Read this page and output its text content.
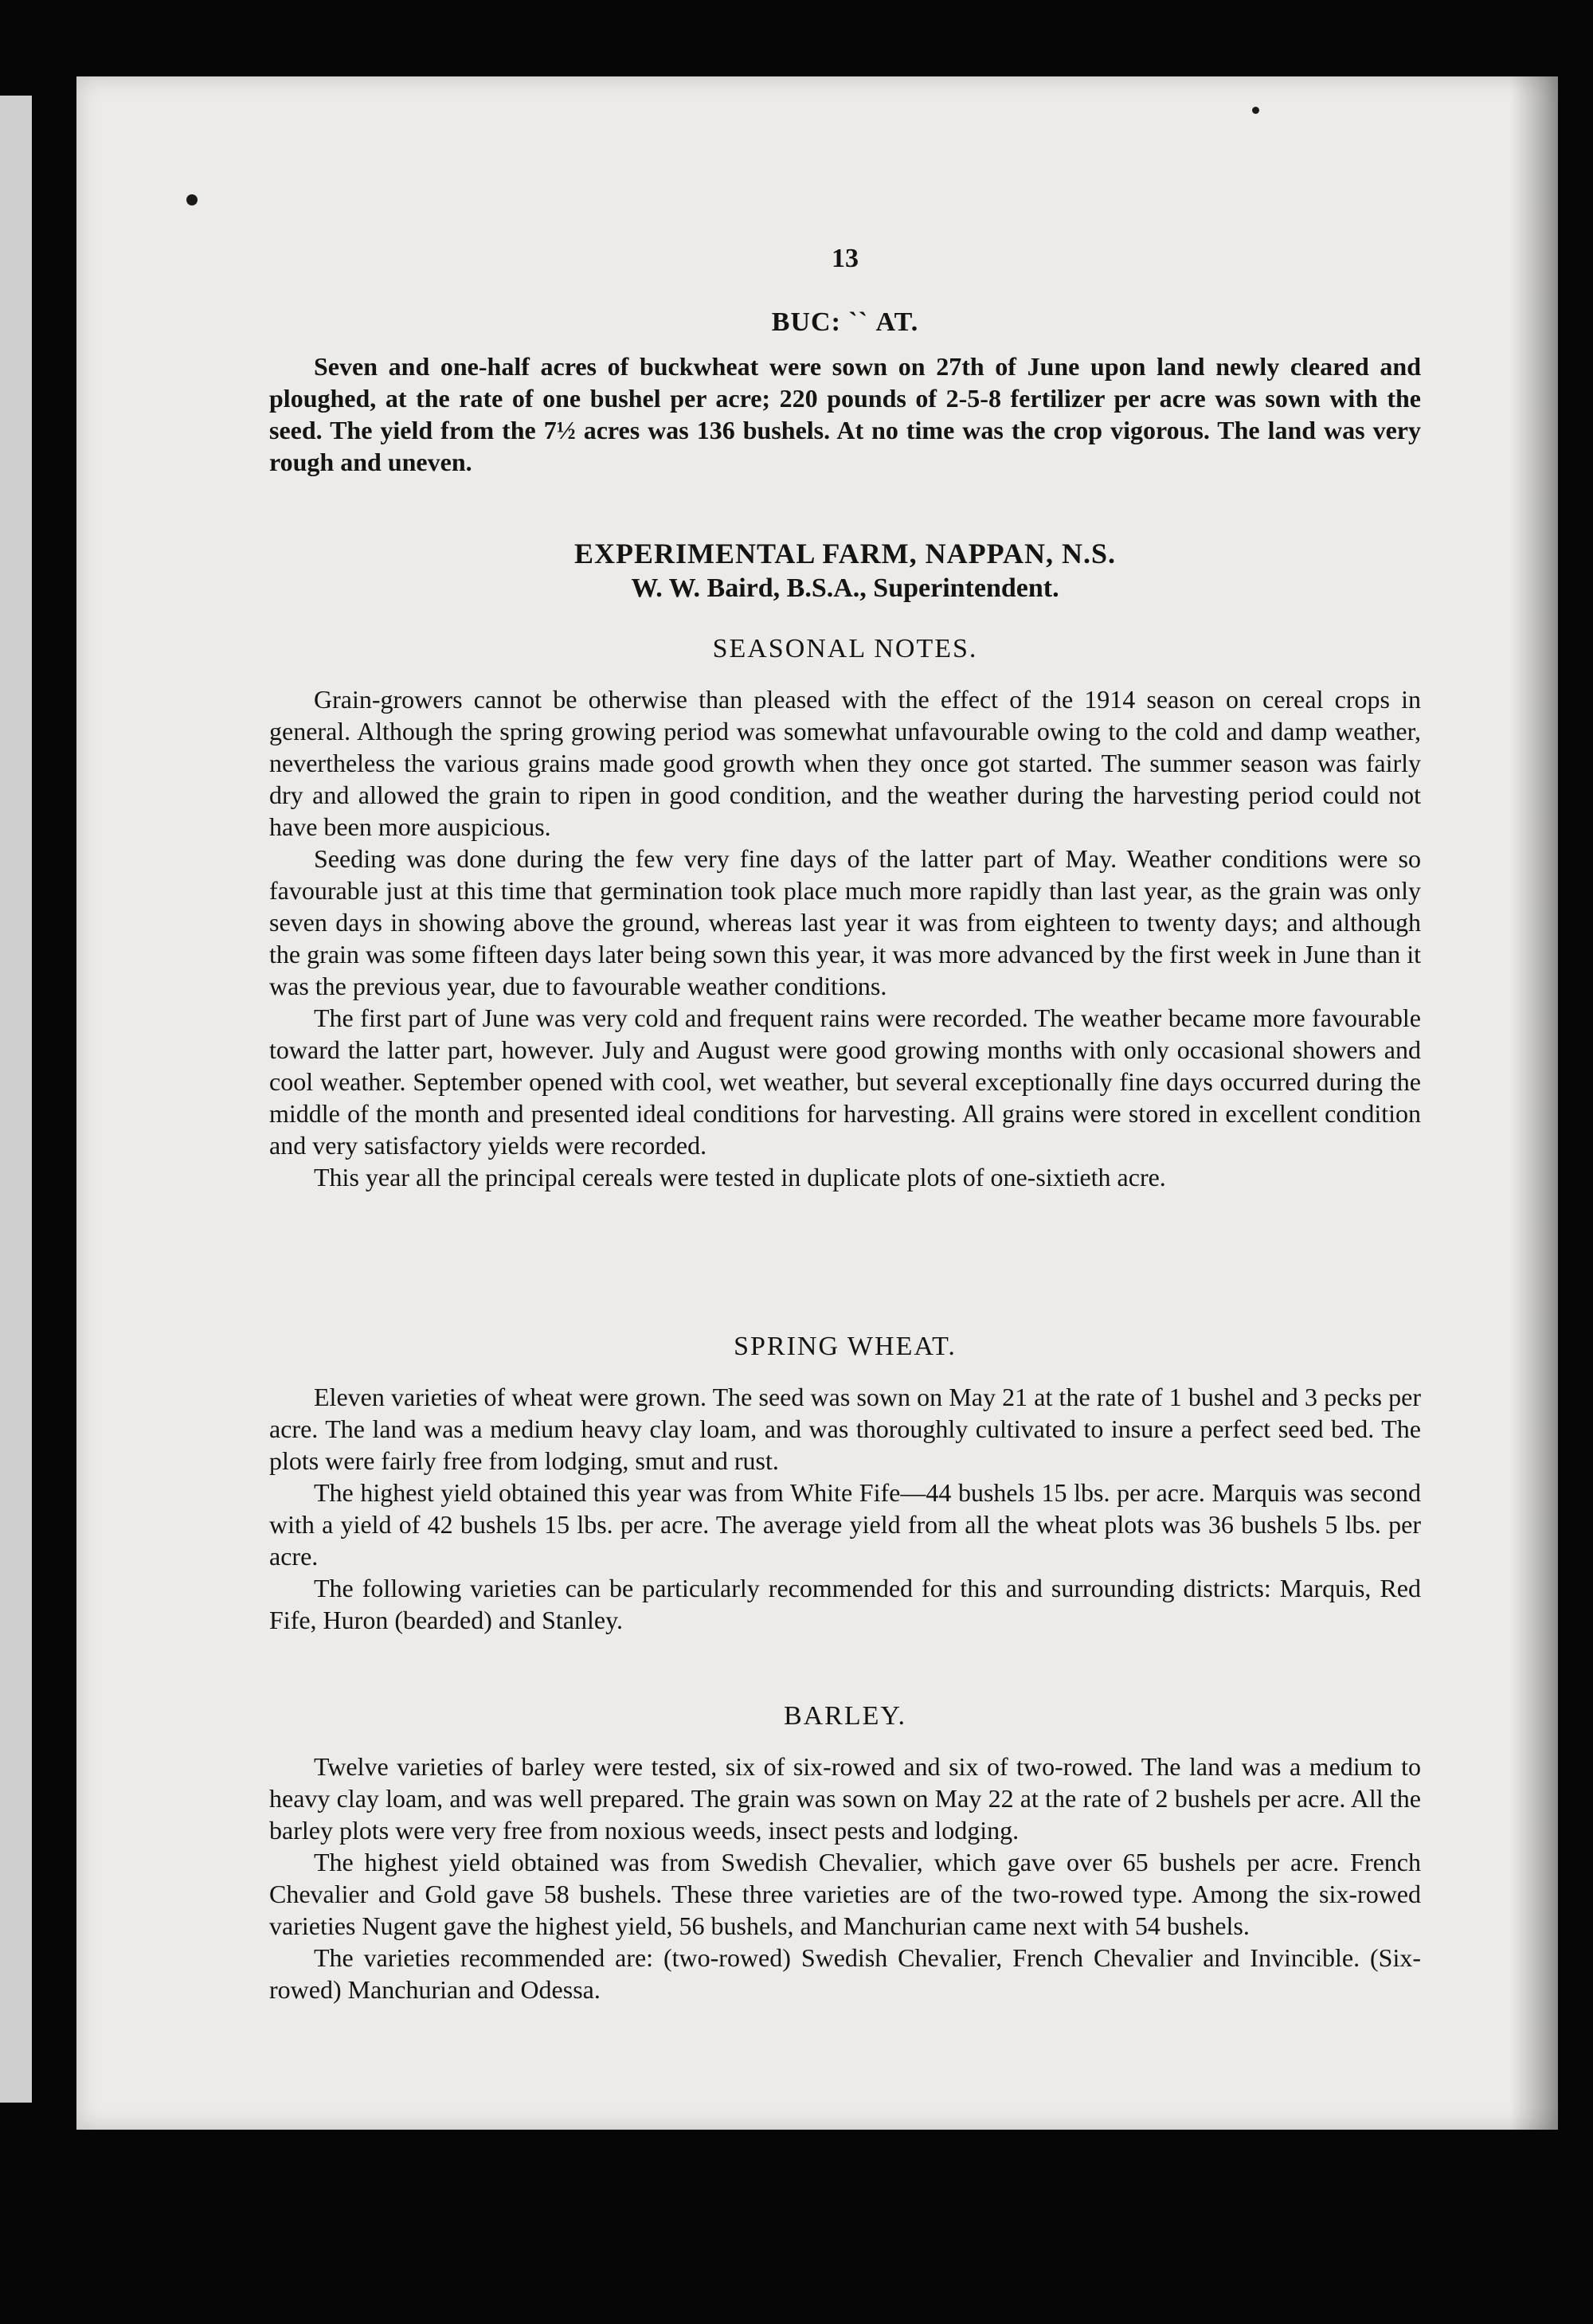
13
BUC: `` AT.

Seven and one-half acres of buckwheat were sown on 27th of June upon land newly cleared and ploughed, at the rate of one bushel per acre; 220 pounds of 2-5-8 fertilizer per acre was sown with the seed. The yield from the 7½ acres was 136 bushels. At no time was the crop vigorous. The land was very rough and uneven.

EXPERIMENTAL FARM, NAPPAN, N.S.
W. W. Baird, B.S.A., Superintendent.
SEASONAL NOTES.

Grain-growers cannot be otherwise than pleased with the effect of the 1914 season on cereal crops in general. Although the spring growing period was somewhat unfavourable owing to the cold and damp weather, nevertheless the various grains made good growth when they once got started. The summer season was fairly dry and allowed the grain to ripen in good condition, and the weather during the harvesting period could not have been more auspicious.

Seeding was done during the few very fine days of the latter part of May. Weather conditions were so favourable just at this time that germination took place much more rapidly than last year, as the grain was only seven days in showing above the ground, whereas last year it was from eighteen to twenty days; and although the grain was some fifteen days later being sown this year, it was more advanced by the first week in June than it was the previous year, due to favourable weather conditions.

The first part of June was very cold and frequent rains were recorded. The weather became more favourable toward the latter part, however. July and August were good growing months with only occasional showers and cool weather. September opened with cool, wet weather, but several exceptionally fine days occurred during the middle of the month and presented ideal conditions for harvesting. All grains were stored in excellent condition and very satisfactory yields were recorded.

This year all the principal cereals were tested in duplicate plots of one-sixtieth acre.

SPRING WHEAT.

Eleven varieties of wheat were grown. The seed was sown on May 21 at the rate of 1 bushel and 3 pecks per acre. The land was a medium heavy clay loam, and was thoroughly cultivated to insure a perfect seed bed. The plots were fairly free from lodging, smut and rust.

The highest yield obtained this year was from White Fife—44 bushels 15 lbs. per acre. Marquis was second with a yield of 42 bushels 15 lbs. per acre. The average yield from all the wheat plots was 36 bushels 5 lbs. per acre.

The following varieties can be particularly recommended for this and surrounding districts: Marquis, Red Fife, Huron (bearded) and Stanley.

BARLEY.

Twelve varieties of barley were tested, six of six-rowed and six of two-rowed. The land was a medium to heavy clay loam, and was well prepared. The grain was sown on May 22 at the rate of 2 bushels per acre. All the barley plots were very free from noxious weeds, insect pests and lodging.

The highest yield obtained was from Swedish Chevalier, which gave over 65 bushels per acre. French Chevalier and Gold gave 58 bushels. These three varieties are of the two-rowed type. Among the six-rowed varieties Nugent gave the highest yield, 56 bushels, and Manchurian came next with 54 bushels.

The varieties recommended are: (two-rowed) Swedish Chevalier, French Chevalier and Invincible. (Six-rowed) Manchurian and Odessa.
